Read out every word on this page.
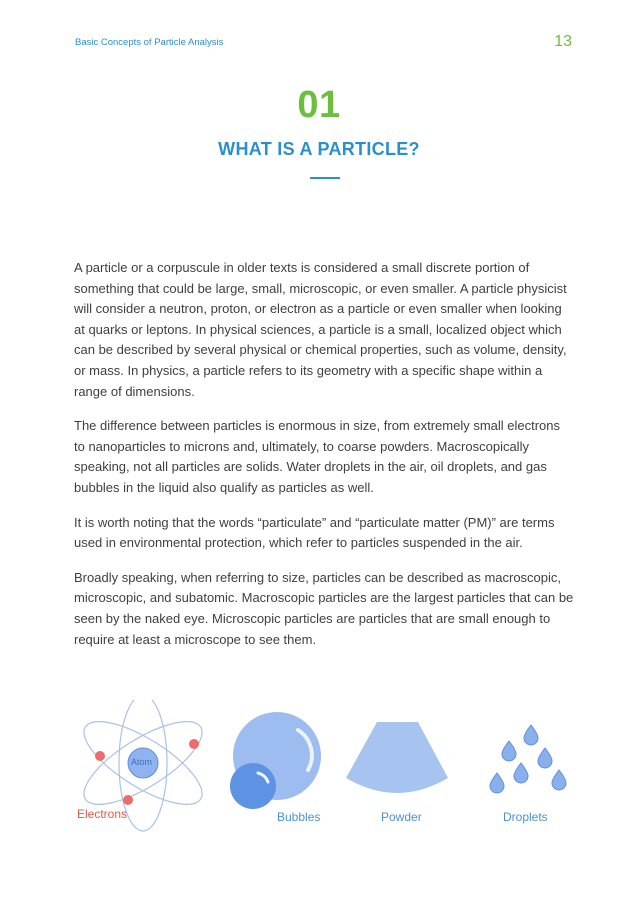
Basic Concepts of Particle Analysis	13
01
WHAT IS A PARTICLE?

A particle or a corpuscule in older texts is considered a small discrete portion of something that could be large, small, microscopic, or even smaller. A particle physicist will consider a neutron, proton, or electron as a particle or even smaller when looking at quarks or leptons. In physical sciences, a particle is a small, localized object which can be described by several physical or chemical properties, such as volume, density, or mass. In physics, a particle refers to its geometry with a specific shape within a range of dimensions.

The difference between particles is enormous in size, from extremely small electrons to nanoparticles to microns and, ultimately, to coarse powders. Macroscopically speaking, not all particles are solids. Water droplets in the air, oil droplets, and gas bubbles in the liquid also qualify as particles as well.

It is worth noting that the words “particulate” and “particulate matter (PM)” are terms used in environmental protection, which refer to particles suspended in the air.

Broadly speaking, when referring to size, particles can be described as macroscopic, microscopic, and subatomic. Macroscopic particles are the largest particles that can be seen by the naked eye. Microscopic particles are particles that are small enough to require at least a microscope to see them.

Atom
Electrons	Bubbles	Powder	Droplets
